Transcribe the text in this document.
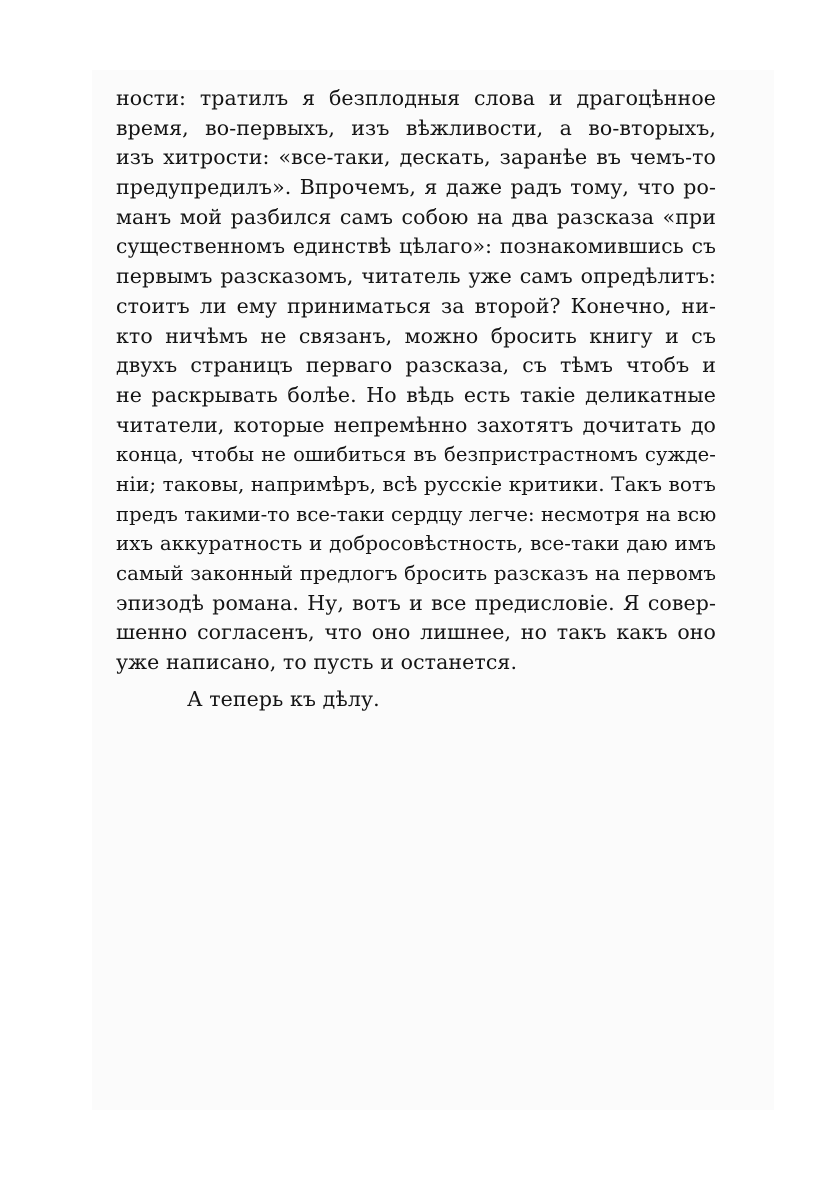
ности: тратилъ я безплодныя слова и драгоцѣнное
время, во-первыхъ, изъ вѣжливости, а во-вторыхъ,
изъ хитрости: «все-таки, дескать, заранѣе въ чемъ-то
предупредилъ». Впрочемъ, я даже радъ тому, что ро-
манъ мой разбился самъ собою на два разсказа «при
существенномъ единствѣ цѣлаго»: познакомившись съ
первымъ разсказомъ, читатель уже самъ опредѣлитъ:
стоитъ ли ему приниматься за второй? Конечно, ни-
кто ничѣмъ не связанъ, можно бросить книгу и съ
двухъ страницъ перваго разсказа, съ тѣмъ чтобъ и
не раскрывать болѣе. Но вѣдь есть такіе деликатные
читатели, которые непремѣнно захотятъ дочитать до
конца, чтобы не ошибиться въ безпристрастномъ сужде-
ніи; таковы, напримѣръ, всѣ русскіе критики. Такъ вотъ
предъ такими-то все-таки сердцу легче: несмотря на всю
ихъ аккуратность и добросовѣстность, все-таки даю имъ
самый законный предлогъ бросить разсказъ на первомъ
эпизодѣ романа. Ну, вотъ и все предисловіе. Я совер-
шенно согласенъ, что оно лишнее, но такъ какъ оно
уже написано, то пусть и останется.
А теперь къ дѣлу.
